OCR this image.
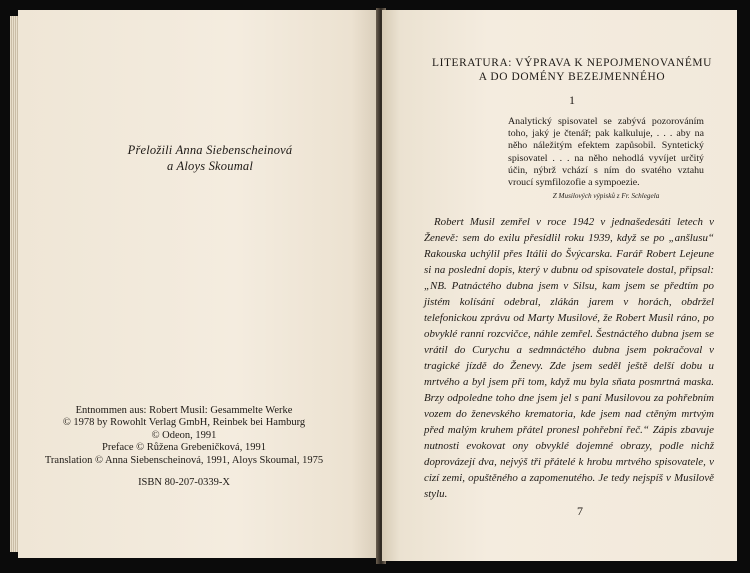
Přeložili Anna Siebenscheinová
a Aloys Skoumal
Entnommen aus: Robert Musil: Gesammelte Werke
© 1978 by Rowohlt Verlag GmbH, Reinbek bei Hamburg
© Odeon, 1991
Preface © Růžena Grebeničková, 1991
Translation © Anna Siebenscheinová, 1991, Aloys Skoumal, 1975
ISBN 80-207-0339-X
LITERATURA: VÝPRAVA K NEPOJMENOVANÉMU
A DO DOMÉNY BEZEJMENNÉHO
1

Analytický spisovatel se zabývá pozorováním toho, jaký je čtenář; pak kalkuluje, . . . aby na něho náležitým efektem zapůsobil. Syntetický spisovatel . . . na něho nehodlá vyvíjet určitý účin, nýbrž vchází s ním do svatého vztahu vroucí symfilozofie a sympoezie.

Z Musilových výpisků z Fr. Schlegela

Robert Musil zemřel v roce 1942 v jednašedesáti letech v Ženevě: sem do exilu přesídlil roku 1939, když se po „anšlusu“ Rakouska uchýlil přes Itálii do Švýcarska. Farář Robert Lejeune si na poslední dopis, který v dubnu od spisovatele dostal, připsal: „NB. Patnáctého dubna jsem v Silsu, kam jsem se předtím po jistém kolísání odebral, zlákán jarem v horách, obdržel telefonickou zprávu od Marty Musilové, že Robert Musil ráno, po obvyklé ranní rozcvičce, náhle zemřel. Šestnáctého dubna jsem se vrátil do Curychu a sedmnáctého dubna jsem pokračoval v tragické jízdě do Ženevy. Zde jsem seděl ještě delší dobu u mrtvého a byl jsem při tom, když mu byla sňata posmrtná maska. Brzy odpoledne toho dne jsem jel s paní Musilovou za pohřebním vozem do ženevského krematoria, kde jsem nad ctěným mrtvým před malým kruhem přátel pronesl pohřební řeč.“ Zápis zbavuje nutnosti evokovat ony obvyklé dojemné obrazy, podle nichž doprovázejí dva, nejvýš tři přátelé k hrobu mrtvého spisovatele, v cizí zemi, opuštěného a zapomenutého. Je tedy nejspíš v Musilově stylu.

7
